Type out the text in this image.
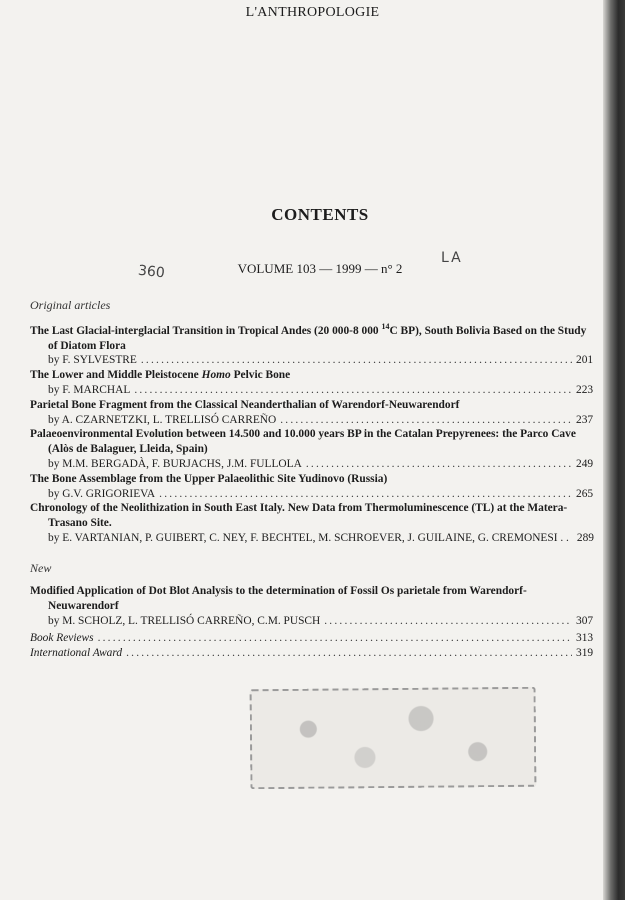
L'ANTHROPOLOGIE
CONTENTS
360	VOLUME 103 — 1999 — n° 2
LA
Original articles
The Last Glacial-interglacial Transition in Tropical Andes (20 000-8 000 $^{14}$C BP), South Bolivia Based on the Study of Diatom Flora
by F. SYLVESTRE .....	201
The Lower and Middle Pleistocene Homo Pelvic Bone
by F. MARCHAL .....	223
Parietal Bone Fragment from the Classical Neanderthalian of Warendorf-Neuwarendorf
by A. CZARNETZKI, L. TRELLISÓ CARREÑO .....	237
Palaeoenvironmental Evolution between 14.500 and 10.000 years BP in the Catalan Prepyrenees: the Parco Cave (Alòs de Balaguer, Lleida, Spain)
by M.M. BERGADÀ, F. BURJACHS, J.M. FULLOLA .....	249
The Bone Assemblage from the Upper Palaeolithic Site Yudinovo (Russia)
by G.V. GRIGORIEVA .....	265
Chronology of the Neolithization in South East Italy. New Data from Thermoluminescence (TL) at the Matera-Trasano Site.
by E. VARTANIAN, P. GUIBERT, C. NEY, F. BECHTEL, M. SCHROEVER, J. GUILAINE, G. CREMONESI . . 289
New
Modified Application of Dot Blot Analysis to the determination of Fossil Os parietale from Warendorf-Neuwarendorf
by M. SCHOLZ, L. TRELLISÓ CARREÑO, C.M. PUSCH .....	307
Book Reviews .....	313
International Award .....	319
